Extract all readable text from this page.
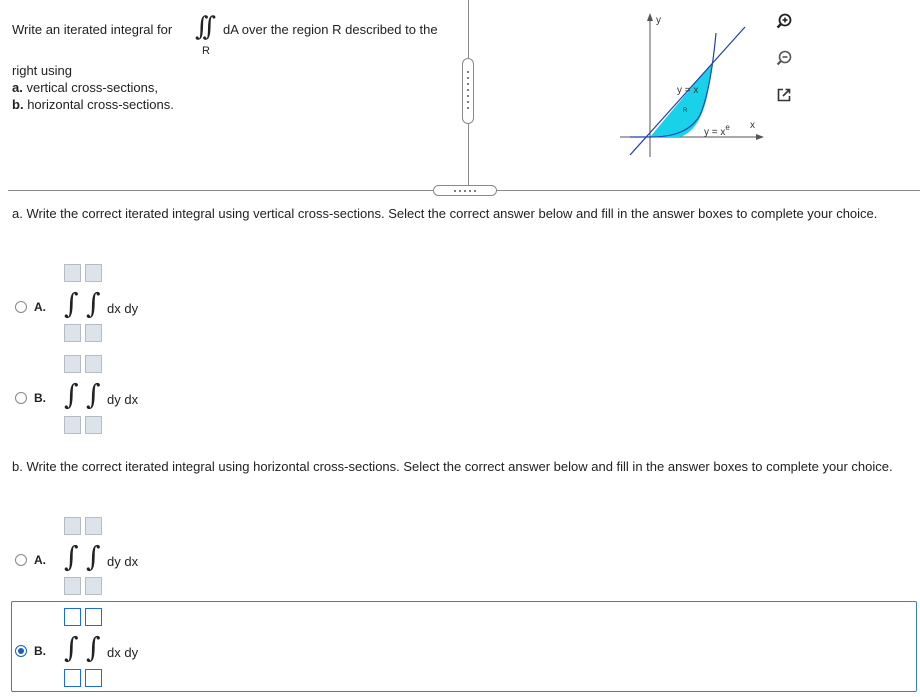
Write an iterated integral for ∫∫
R
dA over the region R described to the
right using
a. vertical cross-sections,
b. horizontal cross-sections.
y
x
y = x
R
$y = x^e$
a. Write the correct iterated integral using vertical cross-sections. Select the correct answer below and fill in the answer boxes to complete your choice.
A. ∫ ∫ dx dy
B. ∫ ∫ dy dx
b. Write the correct iterated integral using horizontal cross-sections. Select the correct answer below and fill in the answer boxes to complete your choice.
A. ∫ ∫ dy dx
B. ∫ ∫ dx dy
